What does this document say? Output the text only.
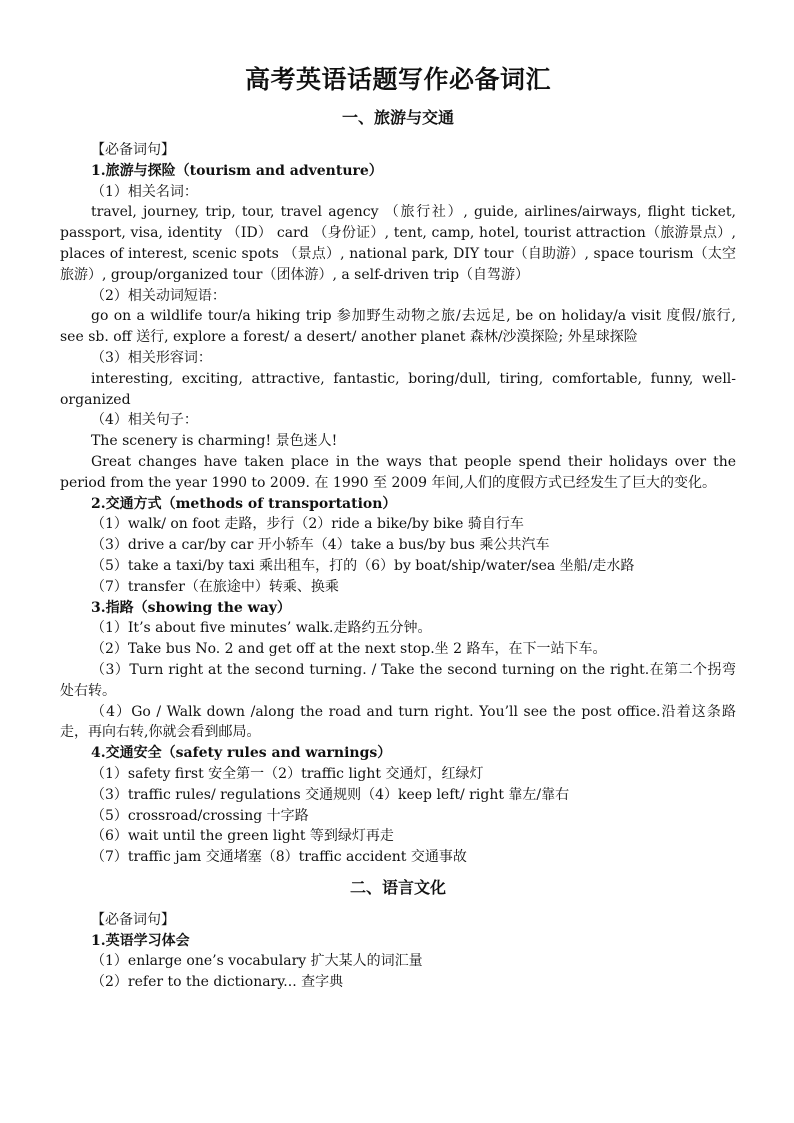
高考英语话题写作必备词汇
一、旅游与交通
【必备词句】
1.旅游与探险（tourism and adventure）
（1）相关名词：
travel, journey, trip, tour, travel agency （旅行社）, guide, airlines/airways, flight ticket, passport, visa, identity （ID） card （身份证）, tent, camp, hotel, tourist attraction（旅游景点）, places of interest, scenic spots （景点）, national park, DIY tour（自助游）, space tourism（太空旅游）, group/organized tour（团体游）, a self-driven trip（自驾游）
（2）相关动词短语：
go on a wildlife tour/a hiking trip 参加野生动物之旅/去远足, be on holiday/a visit 度假/旅行, see sb. off 送行, explore a forest/ a desert/ another planet 森林/沙漠探险; 外星球探险
（3）相关形容词：
interesting, exciting, attractive, fantastic, boring/dull, tiring, comfortable, funny, well-organized
（4）相关句子：
The scenery is charming! 景色迷人!
Great changes have taken place in the ways that people spend their holidays over the period from the year 1990 to 2009. 在 1990 至 2009 年间,人们的度假方式已经发生了巨大的变化。
2.交通方式（methods of transportation）
（1）walk/ on foot 走路，步行（2）ride a bike/by bike 骑自行车
（3）drive a car/by car 开小轿车（4）take a bus/by bus 乘公共汽车
（5）take a taxi/by taxi 乘出租车，打的（6）by boat/ship/water/sea 坐船/走水路
（7）transfer（在旅途中）转乘、换乘
3.指路（showing the way）
（1）It’s about five minutes’ walk.走路约五分钟。
（2）Take bus No. 2 and get off at the next stop.坐 2 路车，在下一站下车。
（3）Turn right at the second turning. / Take the second turning on the right.在第二个拐弯处右转。
（4）Go / Walk down /along the road and turn right. You’ll see the post office.沿着这条路走，再向右转,你就会看到邮局。
4.交通安全（safety rules and warnings）
（1）safety first 安全第一（2）traffic light 交通灯，红绿灯
（3）traffic rules/ regulations 交通规则（4）keep left/ right 靠左/靠右
（5）crossroad/crossing 十字路
（6）wait until the green light 等到绿灯再走
（7）traffic jam 交通堵塞（8）traffic accident 交通事故
二、语言文化
【必备词句】
1.英语学习体会
（1）enlarge one’s vocabulary 扩大某人的词汇量
（2）refer to the dictionary... 查字典
